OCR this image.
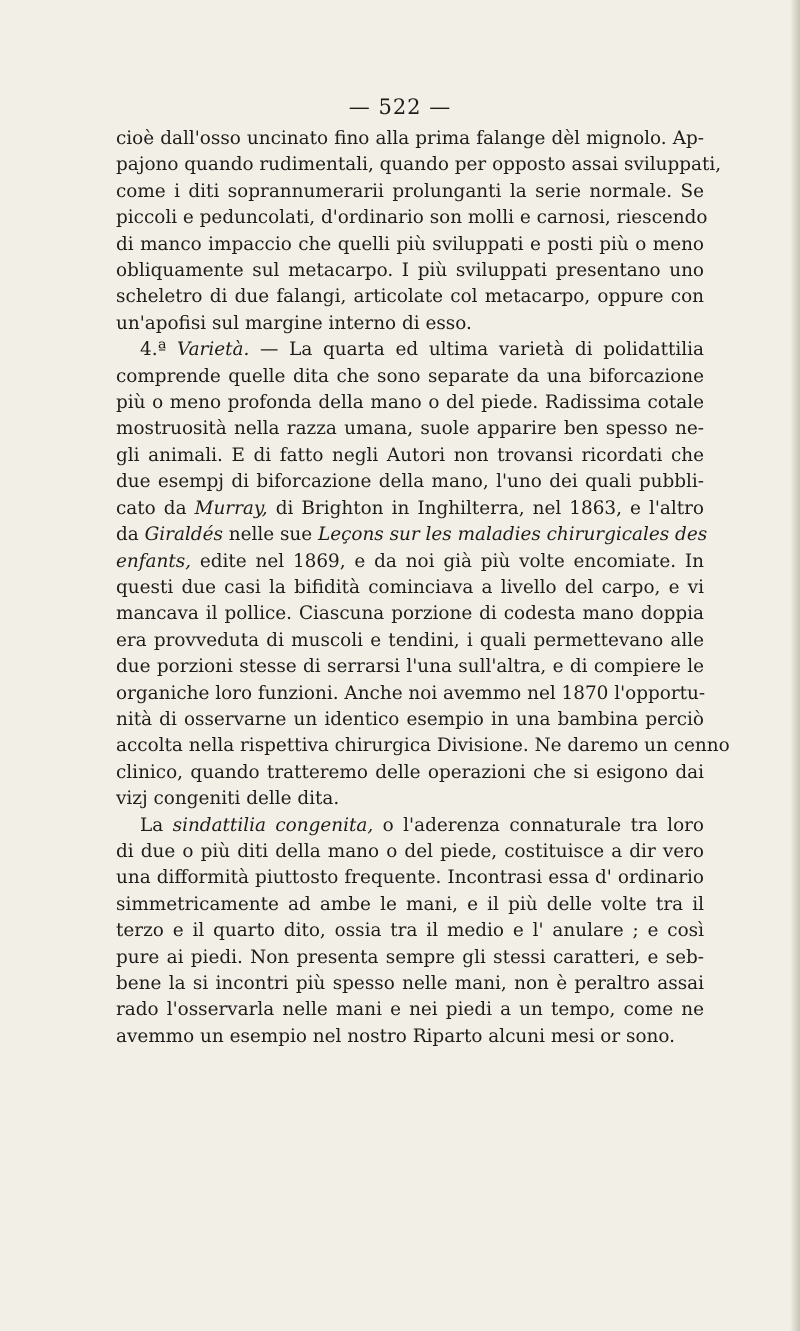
— 522 —
cioè dall'osso uncinato fino alla prima falange dèl mignolo. Ap-
pajono quando rudimentali, quando per opposto assai sviluppati,
come i diti soprannumerarii prolunganti la serie normale. Se
piccoli e peduncolati, d'ordinario son molli e carnosi, riescendo
di manco impaccio che quelli più sviluppati e posti più o meno
obliquamente sul metacarpo. I più sviluppati presentano uno
scheletro di due falangi, articolate col metacarpo, oppure con
un'apofisi sul margine interno di esso.
4.ª Varietà. — La quarta ed ultima varietà di polidattilia
comprende quelle dita che sono separate da una biforcazione
più o meno profonda della mano o del piede. Radissima cotale
mostruosità nella razza umana, suole apparire ben spesso ne-
gli animali. E di fatto negli Autori non trovansi ricordati che
due esempj di biforcazione della mano, l'uno dei quali pubbli-
cato da Murray, di Brighton in Inghilterra, nel 1863, e l'altro
da Giraldés nelle sue Leçons sur les maladies chirurgicales des
enfants, edite nel 1869, e da noi già più volte encomiate. In
questi due casi la bifidità cominciava a livello del carpo, e vi
mancava il pollice. Ciascuna porzione di codesta mano doppia
era provveduta di muscoli e tendini, i quali permettevano alle
due porzioni stesse di serrarsi l'una sull'altra, e di compiere le
organiche loro funzioni. Anche noi avemmo nel 1870 l'opportu-
nità di osservarne un identico esempio in una bambina perciò
accolta nella rispettiva chirurgica Divisione. Ne daremo un cenno
clinico, quando tratteremo delle operazioni che si esigono dai
vizj congeniti delle dita.
La sindattilia congenita, o l'aderenza connaturale tra loro
di due o più diti della mano o del piede, costituisce a dir vero
una difformità piuttosto frequente. Incontrasi essa d' ordinario
simmetricamente ad ambe le mani, e il più delle volte tra il
terzo e il quarto dito, ossia tra il medio e l' anulare ; e così
pure ai piedi. Non presenta sempre gli stessi caratteri, e seb-
bene la si incontri più spesso nelle mani, non è peraltro assai
rado l'osservarla nelle mani e nei piedi a un tempo, come ne
avemmo un esempio nel nostro Riparto alcuni mesi or sono.
